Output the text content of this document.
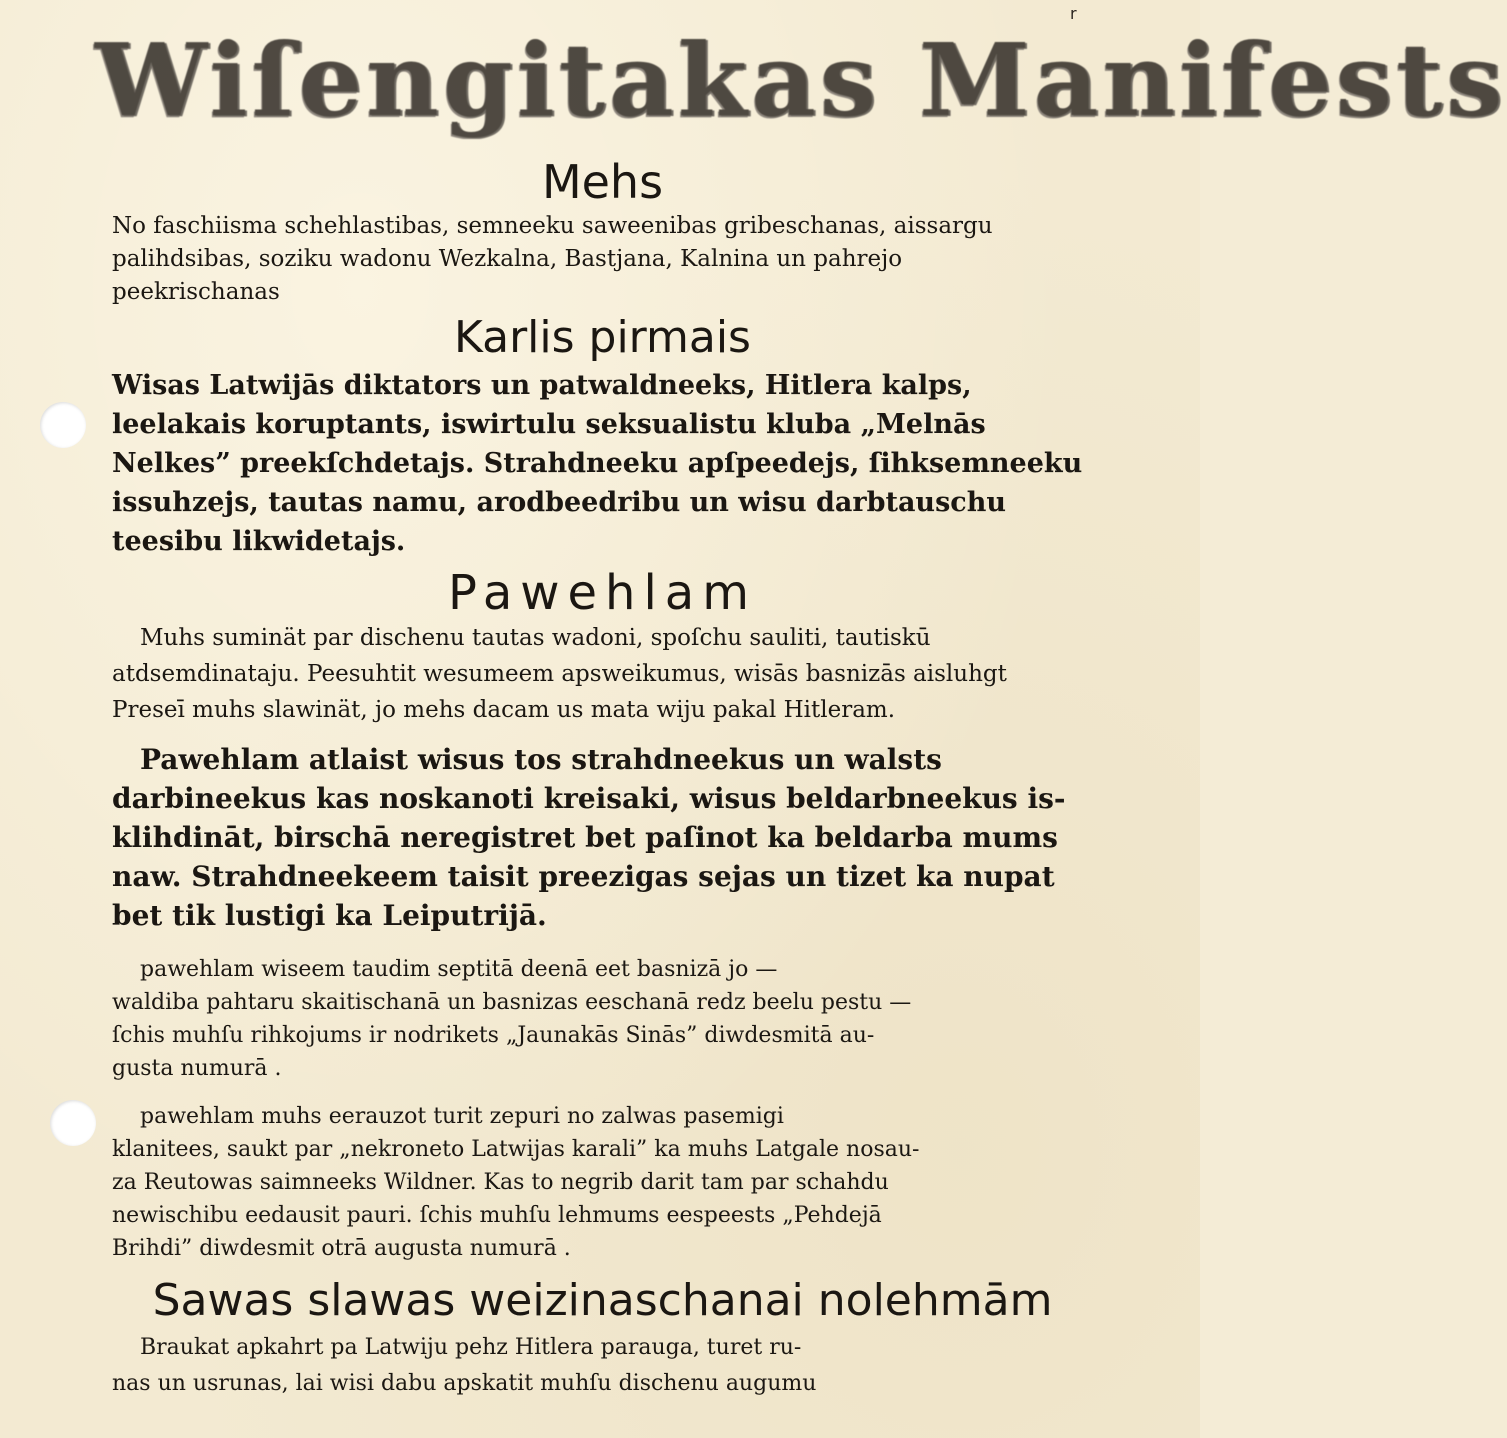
r
Wiſengitakas Manifests
Mehs
No faschiisma schehlastibas, semneeku saweenibas gribeschanas, aissargu
palihdsibas, soziku wadonu Wezkalna, Bastjana, Kalnina un pahrejo
peekrischanas
Karlis pirmais
Wisas Latwijās diktators un patwaldneeks, Hitlera kalps,
leelakais koruptants, iswirtulu seksualistu kluba „Melnās
Nelkes” preekſchdetajs. Strahdneeku apſpeedejs, ſihksemneeku
issuhzejs, tautas namu, arodbeedribu un wisu darbtauschu
teesibu likwidetajs.
Pawehlam
Muhs suminät par dischenu tautas wadoni, spoſchu sauliti, tautiskū
atdsemdinataju. Peesuhtit wesumeem apsweikumus, wisās basnizās aisluhgt
Preseī muhs slawinät, jo mehs dacam us mata wiju pakal Hitleram.
Pawehlam atlaist wisus tos strahdneekus un walsts
darbineekus kas noskanoti kreisaki, wisus beldarbneekus is-
klihdināt, birschā neregistret bet paſinot ka beldarba mums
naw. Strahdneekeem taisit preezigas sejas un tizet ka nupat
bet tik lustigi ka Leiputrijā.
pawehlam wiseem taudim septitā deenā eet basnizā jo —
waldiba pahtaru skaitischanā un basnizas eeschanā redz beelu pestu —
ſchis muhſu rihkojums ir nodrikets „Jaunakās Sinās” diwdesmitā au-
gusta numurā .
pawehlam muhs eerauzot turit zepuri no zalwas pasemigi
klanitees, saukt par „nekroneto Latwijas karali” ka muhs Latgale nosau-
za Reutowas saimneeks Wildner. Kas to negrib darit tam par schahdu
newischibu eedausit pauri. ſchis muhſu lehmums eespeests „Pehdejā
Brihdi” diwdesmit otrā augusta numurā .
Sawas slawas weizinaschanai nolehmām
Braukat apkahrt pa Latwiju pehz Hitlera parauga, turet ru-
nas un usrunas, lai wisi dabu apskatit muhſu dischenu augumu
